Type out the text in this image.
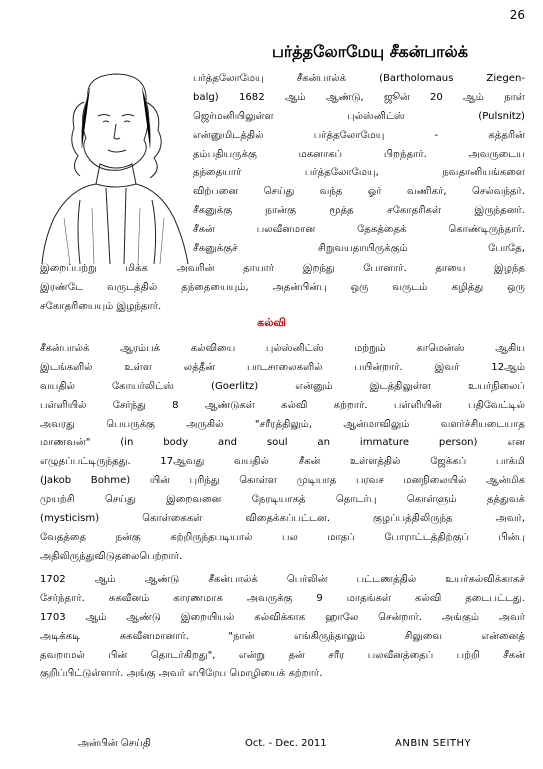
26
பர்த்தலோமேயு சீகன்பால்க்
பர்த்தலோமேயு சீகன்பால்க் (Bartholomaus Ziegen-
balg) 1682 ஆம் ஆண்டு, ஜூன் 20 ஆம் நாள்
ஜெர்மனியிலுள்ள புல்ஸ்னிட்ஸ் (Pulsnitz)
என்னுமிடத்தில் பர்த்தலோமேயு - கத்தரின்
தம்பதியருக்கு மகனாகப் பிறந்தார். அவருடைய
தந்தையார் பர்த்தலோமேயு, நவதானியங்களை
விற்பனை செய்து வந்த ஓர் வணிகர், செல்வந்தர்.
சீகனுக்கு நான்கு மூத்த சகோதரிகள் இருந்தனர்.
சீகன் பலவீனமான தேகத்தைக் கொண்டிருந்தார்.
சீகனுக்குச் சிறுவயதாயிருக்கும் போதே,
இறைப்பற்று மிக்க அவரின் தாயார் இறந்து போனார். தாயை இழந்த
இரண்டே வருடத்தில் தந்தையையும், அதன்பின்பு ஒரு வருடம் கழித்து ஒரு
சகோதரியையும் இழந்தார்.
கல்வி
சீகன்பால்க் ஆரம்பக் கல்வியை புல்ஸ்னிட்ஸ் மற்றும் காமென்ஸ் ஆகிய
இடங்களில் உள்ள லத்தீன் பாடசாலைகளில் பயின்றார். இவர் 12ஆம்
வயதில் கோயர்லிட்ஸ் (Goerlitz) என்னும் இடத்திலுள்ள உயர்நிலைப்
பள்ளியில் சேர்ந்து 8 ஆண்டுகள் கல்வி கற்றார். பள்ளியின் பதிவேட்டில்
அவரது பெயருக்கு அருகில் "சரீரத்திலும், ஆன்மாவிலும் வளர்ச்சியடையாத
மாணவன்" (in body and soul an immature person) என
எழுதப்பட்டிருந்தது. 17ஆவது வயதில் சீகன் உள்ளத்தில் ஜேக்கப் பாக்மி
(Jakob Bohme) யின் புரிந்து கொள்ள முடியாத பரவச மனநிலையில் ஆன்மிக
முயற்சி செய்து இறைவனை நேரடியாகத் தொடர்பு கொள்ளும் தத்துவக்
(mysticism) கொள்கைகள் விதைக்கப்பட்டன. குழப்பத்திலிருந்த அவர்,
வேதத்தை நன்கு கற்றிருந்தபடியால் பல மாதப் போராட்டத்திற்குப் பின்பு
அதிலிருந்துவிடுதலைபெற்றார்.
1702 ஆம் ஆண்டு சீகன்பால்க் பெர்லின் பட்டணத்தில் உயர்கல்விக்காகச்
சேர்ந்தார். சுகவீனம் காரணமாக அவருக்கு 9 மாதங்கள் கல்வி தடைபட்டது.
1703 ஆம் ஆண்டு இறையியல் கல்விக்காக ஹாலே சென்றார். அங்கும் அவர்
அடிக்கடி சுகவீனமானார். "நான் எங்கிருந்தாலும் சிலுவை என்னைத்
தவறாமல் பின் தொடர்கிறது", என்று தன் சரீர பலவீனத்தைப் பற்றி சீகன்
குறிப்பிட்டுள்ளார். அங்கு அவர் எபிரேய மொழியைக் கற்றார்.
அன்பின் செய்தி	Oct. - Dec. 2011	ANBIN SEITHY
